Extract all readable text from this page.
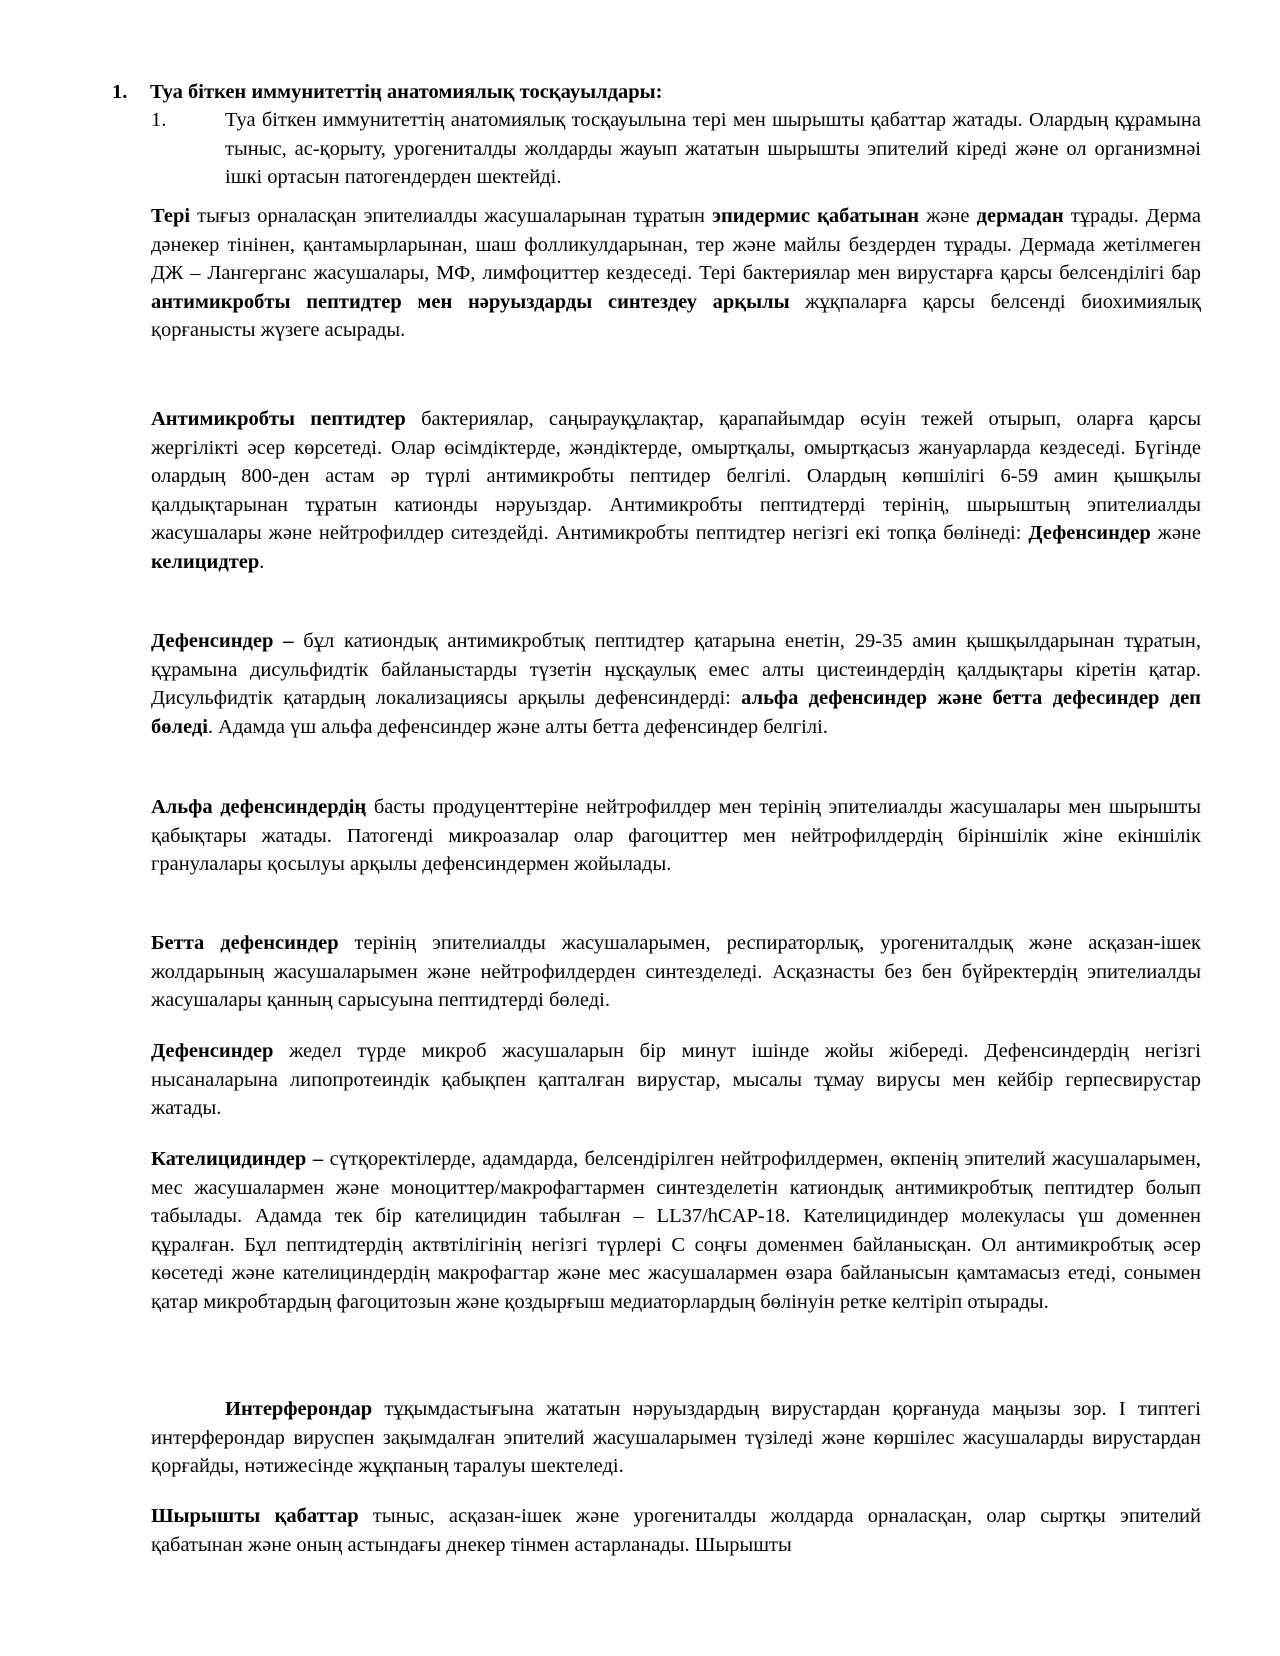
1. Туа біткен иммунитеттің анатомиялық тосқауылдары:
1.	Туа біткен иммунитеттің анатомиялық тосқауылына тері мен шырышты қабаттар жатады. Олардың құрамына тыныс, ас-қорыту, урогениталды жолдарды жауып жататын шырышты эпителий кіреді және ол организмнәі ішкі ортасын патогендерден шектейді.
Тері тығыз орналасқан эпителиалды жасушаларынан тұратын эпидермис қабатынан және дермадан тұрады. Дерма дәнекер тінінен, қантамырларынан, шаш фолликулдарынан, тер және майлы бездерден тұрады. Дермада жетілмеген ДЖ – Лангерганс жасушалары, МФ, лимфоциттер кездеседі. Тері бактериялар мен вирустарға қарсы белсенділігі бар антимикробты пептидтер мен нәруыздарды синтездеу арқылы жұқпаларға қарсы белсенді биохимиялық қорғанысты жүзеге асырады.
Антимикробты пептидтер бактериялар, саңырауқұлақтар, қарапайымдар өсуін тежей отырып, оларға қарсы жергілікті әсер көрсетеді. Олар өсімдіктерде, жәндіктерде, омыртқалы, омыртқасыз жануарларда кездеседі. Бүгінде олардың 800-ден астам әр түрлі антимикробты пептидер белгілі. Олардың көпшілігі 6-59 амин қышқылы қалдықтарынан тұратын катионды нәруыздар. Антимикробты пептидтерді терінің, шырыштың эпителиалды жасушалары және нейтрофилдер ситездейді. Антимикробты пептидтер негізгі екі топқа бөлінеді: Дефенсиндер және келицидтер.
Дефенсиндер – бұл катиондық антимикробтық пептидтер қатарына енетін, 29-35 амин қышқылдарынан тұратын, құрамына дисульфидтік байланыстарды түзетін нұсқаулық емес алты цистеиндердің қалдықтары кіретін қатар. Дисульфидтік қатардың локализациясы арқылы дефенсиндерді: альфа дефенсиндер және бетта дефесиндер деп бөледі. Адамда үш альфа дефенсиндер және алты бетта дефенсиндер белгілі.
Альфа дефенсиндердің басты продуценттеріне нейтрофилдер мен терінің эпителиалды жасушалары мен шырышты қабықтары жатады. Патогенді микроазалар олар фагоциттер мен нейтрофилдердің біріншілік жіне екіншілік гранулалары қосылуы арқылы дефенсиндермен жойылады.
Бетта дефенсиндер терінің эпителиалды жасушаларымен, респираторлық, урогениталдық және асқазан-ішек жолдарының жасушаларымен және нейтрофилдерден синтезделеді. Асқазнасты без бен бүйректердің эпителиалды жасушалары қанның сарысуына пептидтерді бөледі.
Дефенсиндер жедел түрде микроб жасушаларын бір минут ішінде жойы жібереді. Дефенсиндердің негізгі нысаналарына липопротеиндік қабықпен қапталған вирустар, мысалы тұмау вирусы мен кейбір герпесвирустар жатады.
Кателицидиндер – сүтқоректілерде, адамдарда, белсендірілген нейтрофилдермен, өкпенің эпителий жасушаларымен, мес жасушалармен және моноциттер/макрофагтармен синтезделетін катиондық антимикробтық пептидтер болып табылады. Адамда тек бір кателицидин табылған – LL37/hCAP-18. Кателицидиндер молекуласы үш доменнен құралған. Бұл пептидтердің актвтілігінің негізгі түрлері С соңғы доменмен байланысқан. Ол антимикробтық әсер көсетеді және кателициндердің макрофагтар және мес жасушалармен өзара байланысын қамтамасыз етеді, сонымен қатар микробтардың фагоцитозын және қоздырғыш медиаторлардың бөлінуін ретке келтіріп отырады.
Интерферондар тұқымдастығына жататын нәруыздардың вирустардан қорғануда маңызы зор. I типтегі интерферондар вируспен зақымдалған эпителий жасушаларымен түзіледі және көршілес жасушаларды вирустардан қорғайды, нәтижесінде жұқпаның таралуы шектеледі.
Шырышты қабаттар тыныс, асқазан-ішек және урогениталды жолдарда орналасқан, олар сыртқы эпителий қабатынан және оның астындағы днекер тінмен астарланады. Шырышты
